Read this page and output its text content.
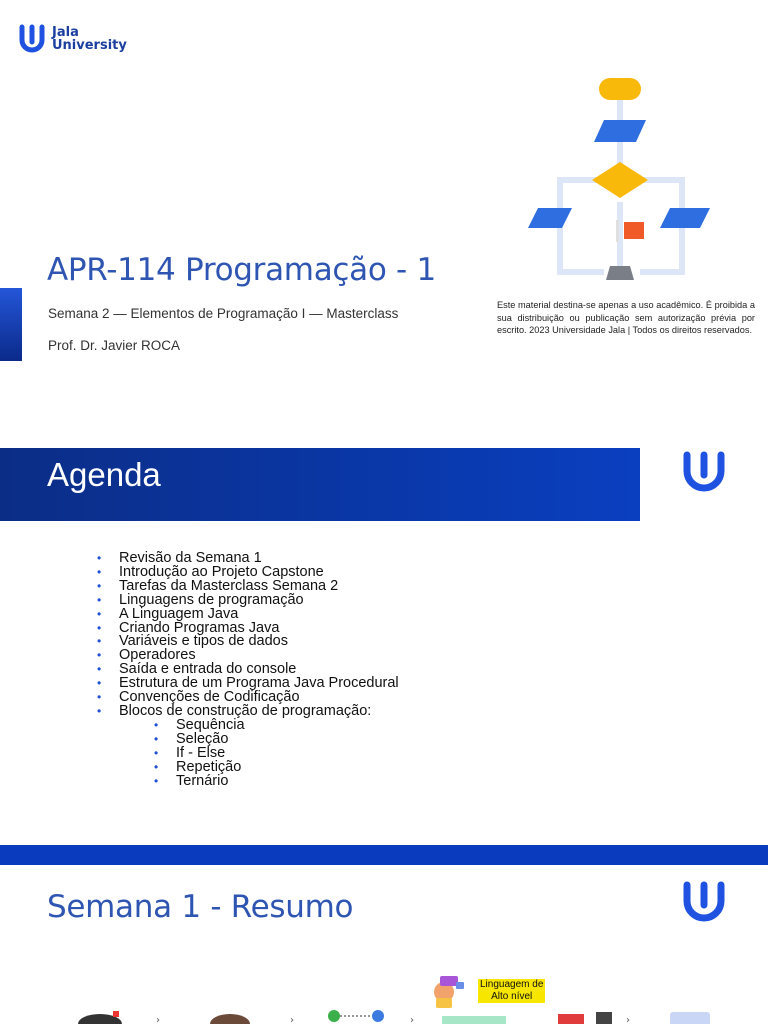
Jala
University
APR-114 Programação - 1
Semana 2 — Elementos de Programação I — Masterclass
Prof. Dr. Javier ROCA
Este material destina-se apenas a uso acadêmico. É proibida a sua distribuição ou publicação sem autorização prévia por escrito. 2023 Universidade Jala | Todos os direitos reservados.
Agenda
• Revisão da Semana 1
• Introdução ao Projeto Capstone
• Tarefas da Masterclass Semana 2
• Linguagens de programação
• A Linguagem Java
• Criando Programas Java
• Variáveis e tipos de dados
• Operadores
• Saída e entrada do console
• Estrutura de um Programa Java Procedural
• Convenções de Codificação
• Blocos de construção de programação:
• Sequência
• Seleção
• If - Else
• Repetição
• Ternário
Semana 1 - Resumo
Linguagem de
Alto nível
›	›	›	›
